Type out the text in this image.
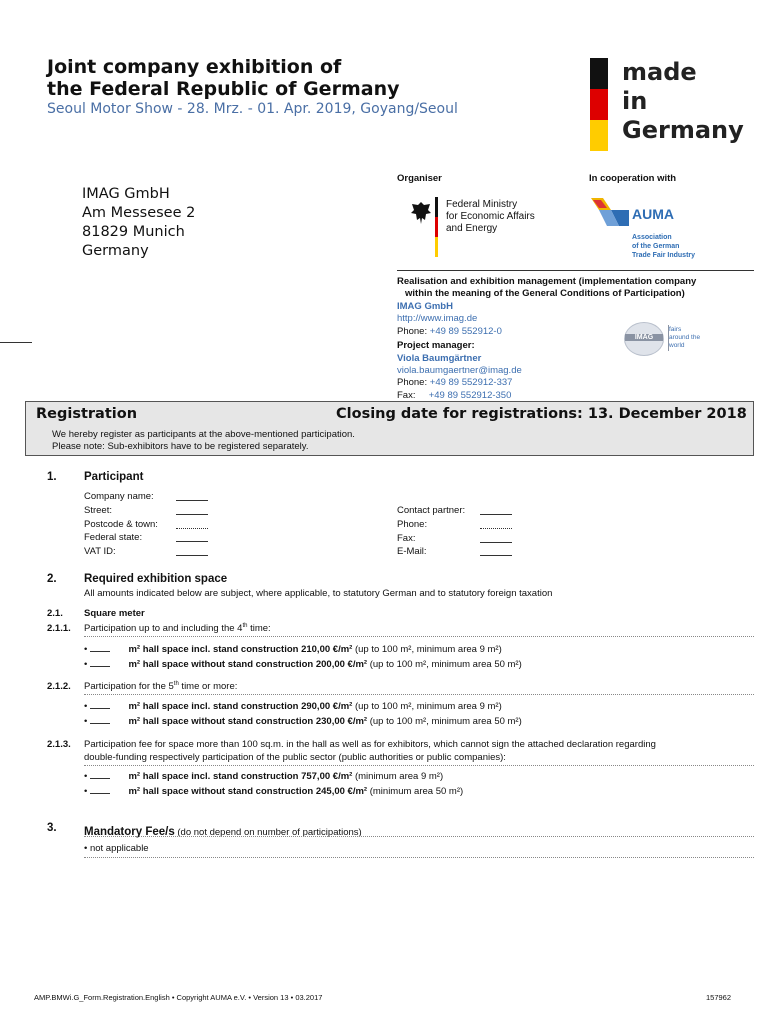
Joint company exhibition of
the Federal Republic of Germany
Seoul Motor Show - 28. Mrz. - 01. Apr. 2019, Goyang/Seoul
made
in
Germany
Organiser	In cooperation with
Federal Ministry
for Economic Affairs
and Energy
AUMA
Association
of the German
Trade Fair Industry
IMAG GmbH
Am Messesee 2
81829 Munich
Germany
Realisation and exhibition management (implementation company
within the meaning of the General Conditions of Participation)
IMAG GmbH
http://www.imag.de
Phone: +49 89 552912-0
Project manager:
Viola Baumgärtner
viola.baumgaertner@imag.de
Phone: +49 89 552912-337
Fax: +49 89 552912-350
IMAG
fairs
around the
world
Registration	Closing date for registrations: 13. December 2018
We hereby register as participants at the above-mentioned participation.
Please note: Sub-exhibitors have to be registered separately.
1. Participant
Company name:
Street:
Postcode & town:
Federal state:
VAT ID:
Contact partner:
Phone:
Fax:
E-Mail:
2. Required exhibition space
All amounts indicated below are subject, where applicable, to statutory German and to statutory foreign taxation
2.1. Square meter
2.1.1. Participation up to and including the 4th time:
•	m² hall space incl. stand construction 210,00 €/m² (up to 100 m², minimum area 9 m²)
•	m² hall space without stand construction 200,00 €/m² (up to 100 m², minimum area 50 m²)
2.1.2. Participation for the 5th time or more:
•	m² hall space incl. stand construction 290,00 €/m² (up to 100 m², minimum area 9 m²)
•	m² hall space without stand construction 230,00 €/m² (up to 100 m², minimum area 50 m²)
2.1.3. Participation fee for space more than 100 sq.m. in the hall as well as for exhibitors, which cannot sign the attached declaration regarding
double-funding respectively participation of the public sector (public authorities or public companies):
•	m² hall space incl. stand construction 757,00 €/m² (minimum area 9 m²)
•	m² hall space without stand construction 245,00 €/m² (minimum area 50 m²)
3. Mandatory Fee/s (do not depend on number of participations)
• not applicable
AMP.BMWi.G_Form.Registration.English • Copyright AUMA e.V. • Version 13 • 03.2017	157962
